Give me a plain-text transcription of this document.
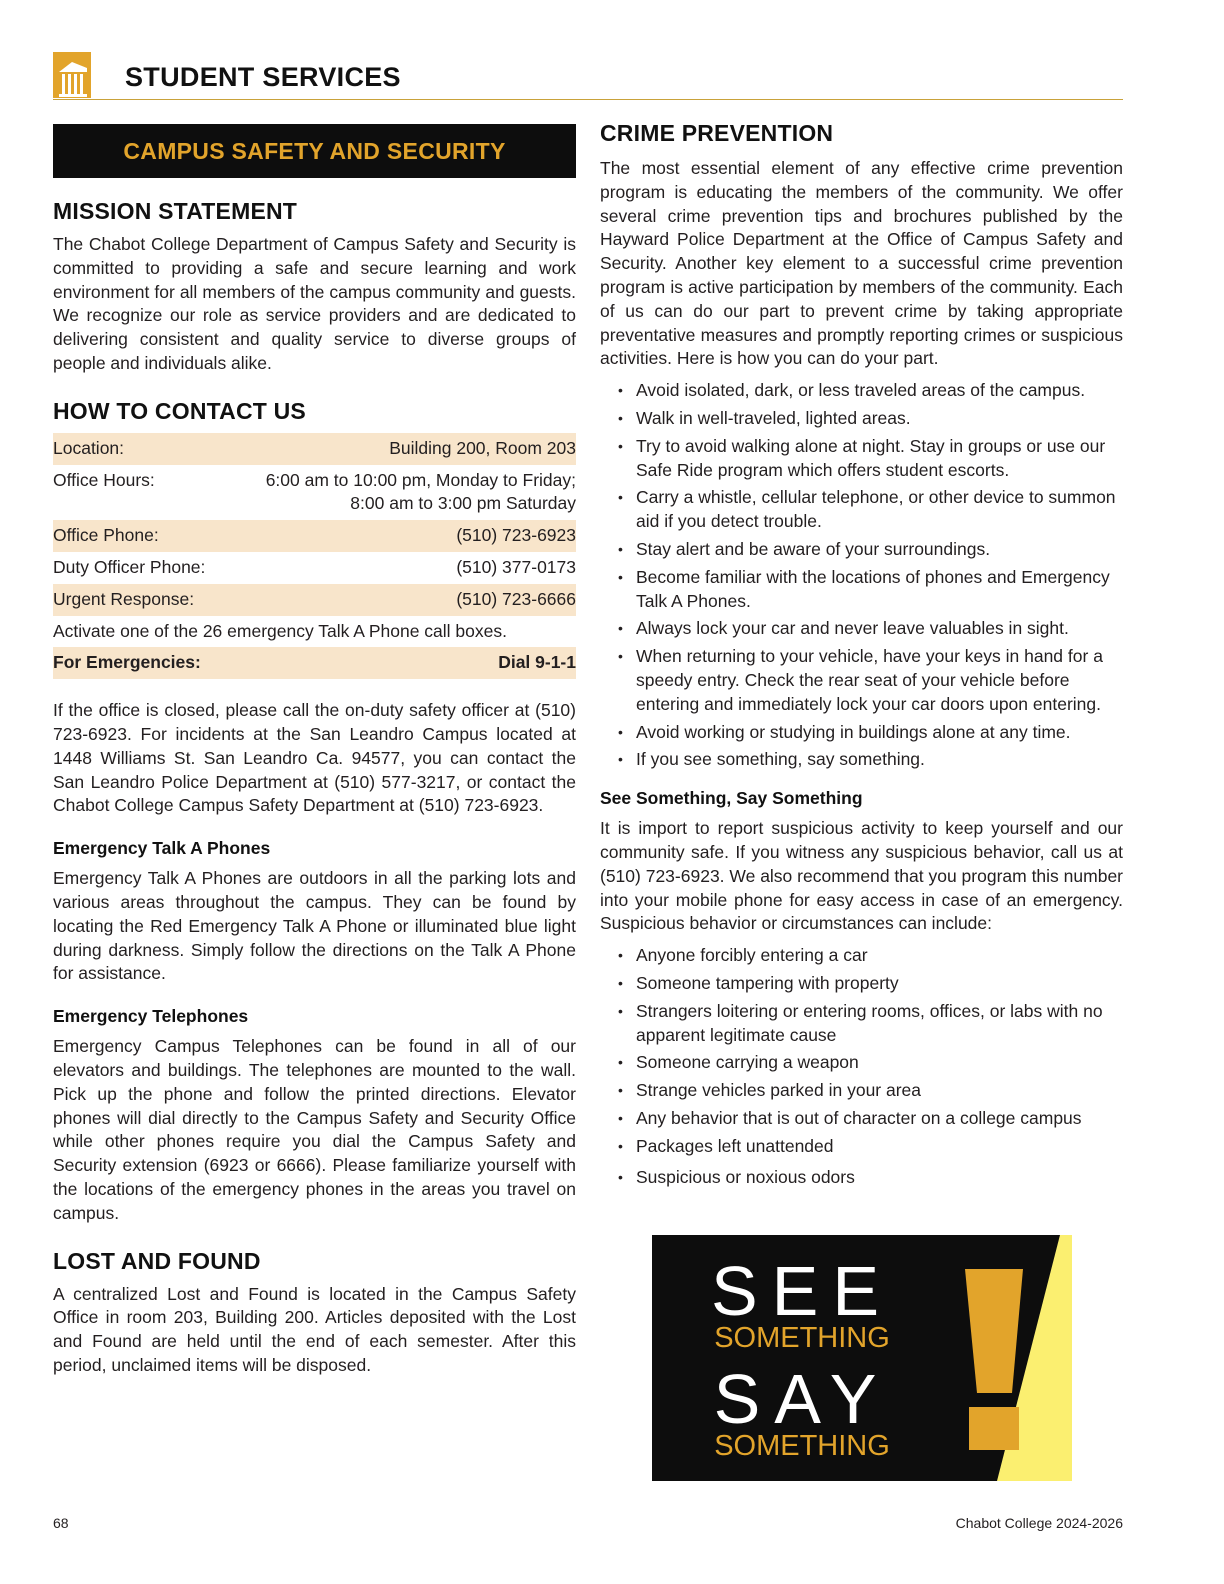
STUDENT SERVICES
CAMPUS SAFETY AND SECURITY
MISSION STATEMENT

The Chabot College Department of Campus Safety and Security is committed to providing a safe and secure learning and work environment for all members of the campus community and guests. We recognize our role as service providers and are dedicated to delivering consistent and quality service to diverse groups of people and individuals alike.

HOW TO CONTACT US
Location:	Building 200, Room 203
Office Hours:	6:00 am to 10:00 pm, Monday to Friday;
8:00 am to 3:00 pm Saturday
Office Phone:	(510) 723-6923
Duty Officer Phone:	(510) 377-0173
Urgent Response:	(510) 723-6666
Activate one of the 26 emergency Talk A Phone call boxes.
For Emergencies:	Dial 9-1-1

If the office is closed, please call the on-duty safety officer at (510) 723-6923. For incidents at the San Leandro Campus located at 1448 Williams St. San Leandro Ca. 94577, you can contact the San Leandro Police Department at (510) 577-3217, or contact the Chabot College Campus Safety Department at (510) 723-6923.

Emergency Talk A Phones

Emergency Talk A Phones are outdoors in all the parking lots and various areas throughout the campus. They can be found by locating the Red Emergency Talk A Phone or illuminated blue light during darkness. Simply follow the directions on the Talk A Phone for assistance.

Emergency Telephones

Emergency Campus Telephones can be found in all of our elevators and buildings. The telephones are mounted to the wall. Pick up the phone and follow the printed directions. Elevator phones will dial directly to the Campus Safety and Security Office while other phones require you dial the Campus Safety and Security extension (6923 or 6666). Please familiarize yourself with the locations of the emergency phones in the areas you travel on campus.

LOST AND FOUND

A centralized Lost and Found is located in the Campus Safety Office in room 203, Building 200. Articles deposited with the Lost and Found are held until the end of each semester. After this period, unclaimed items will be disposed.

CRIME PREVENTION

The most essential element of any effective crime prevention program is educating the members of the community. We offer several crime prevention tips and brochures published by the Hayward Police Department at the Office of Campus Safety and Security. Another key element to a successful crime prevention program is active participation by members of the community. Each of us can do our part to prevent crime by taking appropriate preventative measures and promptly reporting crimes or suspicious activities. Here is how you can do your part.

• Avoid isolated, dark, or less traveled areas of the campus.
• Walk in well-traveled, lighted areas.
• Try to avoid walking alone at night. Stay in groups or use our Safe Ride program which offers student escorts.
• Carry a whistle, cellular telephone, or other device to summon aid if you detect trouble.
• Stay alert and be aware of your surroundings.
• Become familiar with the locations of phones and Emergency Talk A Phones.
• Always lock your car and never leave valuables in sight.
• When returning to your vehicle, have your keys in hand for a speedy entry. Check the rear seat of your vehicle before entering and immediately lock your car doors upon entering.
• Avoid working or studying in buildings alone at any time.
• If you see something, say something.
See Something, Say Something

It is import to report suspicious activity to keep yourself and our community safe. If you witness any suspicious behavior, call us at (510) 723-6923. We also recommend that you program this number into your mobile phone for easy access in case of an emergency. Suspicious behavior or circumstances can include:

• Anyone forcibly entering a car
• Someone tampering with property
• Strangers loitering or entering rooms, offices, or labs with no apparent legitimate cause
• Someone carrying a weapon
• Strange vehicles parked in your area
• Any behavior that is out of character on a college campus
• Packages left unattended
• Suspicious or noxious odors
SEE
SOMETHING
SAY
SOMETHING
68	Chabot College 2024-2026
